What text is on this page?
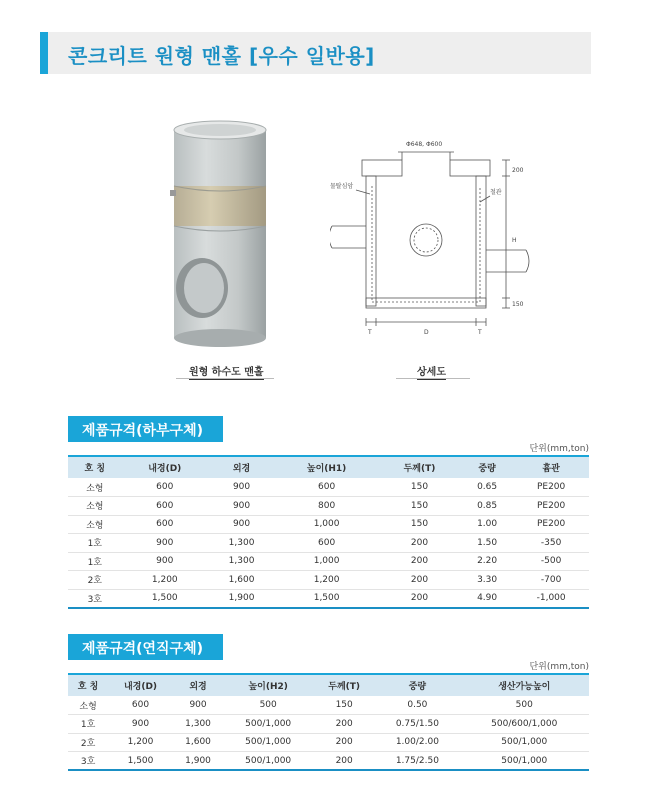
콘크리트 원형 맨홀 [우수 일반용]
Φ648, Φ600
물탈심암
철관
200
H
150
T	D	T
원형 하수도 맨홀	상세도
제품규격(하부구체)
단위(mm,ton)
호 칭	내경(D)	외경	높이(H1)	두께(T)	중량	흄관
소형	600	900	600	150	0.65	PE200
소형	600	900	800	150	0.85	PE200
소형	600	900	1,000	150	1.00	PE200
1호	900	1,300	600	200	1.50	-350
1호	900	1,300	1,000	200	2.20	-500
2호	1,200	1,600	1,200	200	3.30	-700
3호	1,500	1,900	1,500	200	4.90	-1,000
제품규격(연직구체)
단위(mm,ton)
호 칭	내경(D)	외경	높이(H2)	두께(T)	중량	생산가능높이
소형	600	900	500	150	0.50	500
1호	900	1,300	500/1,000	200	0.75/1.50	500/600/1,000
2호	1,200	1,600	500/1,000	200	1.00/2.00	500/1,000
3호	1,500	1,900	500/1,000	200	1.75/2.50	500/1,000
